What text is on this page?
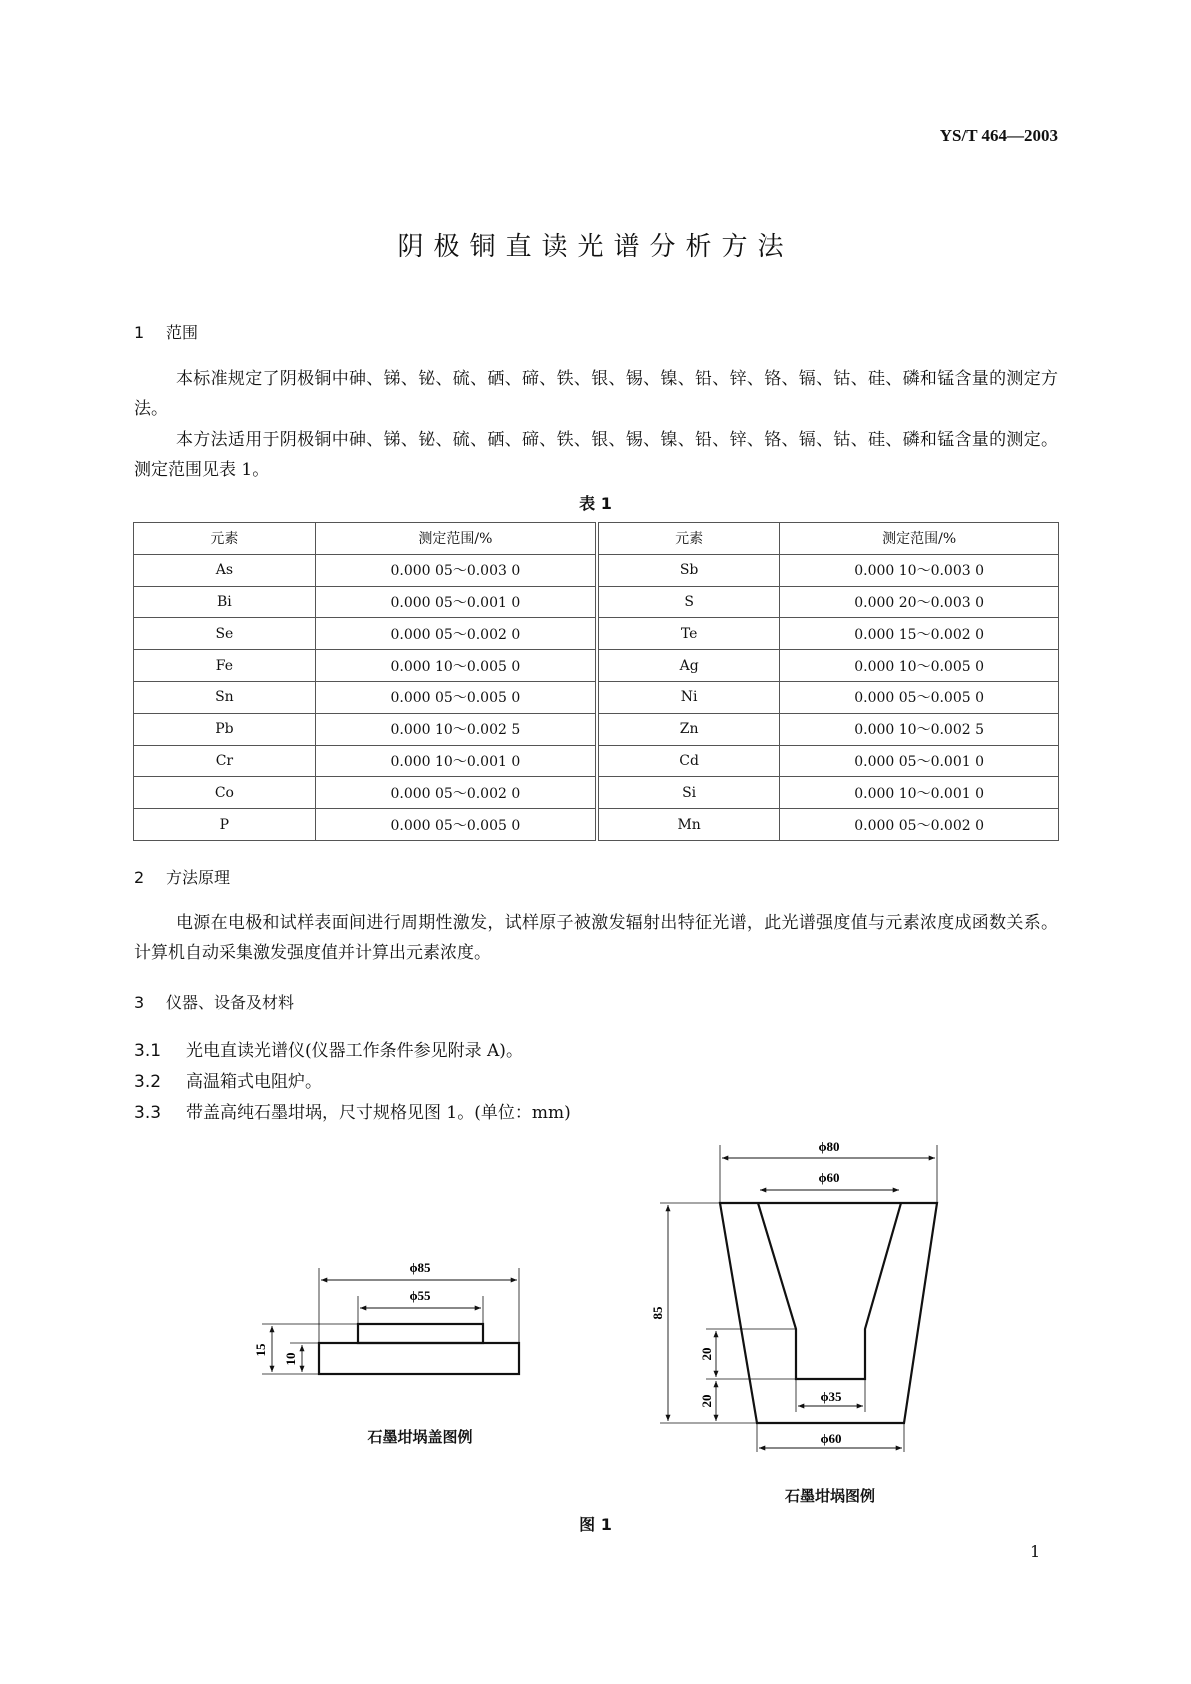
YS/T 464—2003
阴极铜直读光谱分析方法
1 范围
本标准规定了阴极铜中砷、锑、铋、硫、硒、碲、铁、银、锡、镍、铅、锌、铬、镉、钴、硅、磷和锰含量的测定方法。
本方法适用于阴极铜中砷、锑、铋、硫、硒、碲、铁、银、锡、镍、铅、锌、铬、镉、钴、硅、磷和锰含量的测定。测定范围见表 1。
表 1
元素	测定范围/%	元素	测定范围/%
As	0.000 05～0.003 0	Sb	0.000 10～0.003 0
Bi	0.000 05～0.001 0	S	0.000 20～0.003 0
Se	0.000 05～0.002 0	Te	0.000 15～0.002 0
Fe	0.000 10～0.005 0	Ag	0.000 10～0.005 0
Sn	0.000 05～0.005 0	Ni	0.000 05～0.005 0
Pb	0.000 10～0.002 5	Zn	0.000 10～0.002 5
Cr	0.000 10～0.001 0	Cd	0.000 05～0.001 0
Co	0.000 05～0.002 0	Si	0.000 10～0.001 0
P	0.000 05～0.005 0	Mn	0.000 05～0.002 0
2 方法原理
电源在电极和试样表面间进行周期性激发，试样原子被激发辐射出特征光谱，此光谱强度值与元素浓度成函数关系。计算机自动采集激发强度值并计算出元素浓度。
3 仪器、设备及材料
3.1 光电直读光谱仪(仪器工作条件参见附录 A)。
3.2 高温箱式电阻炉。
3.3 带盖高纯石墨坩埚，尺寸规格见图 1。(单位：mm)
ϕ85
ϕ55
15
10
ϕ80
ϕ60
85
20
20	ϕ35
ϕ60
石墨坩埚盖图例
石墨坩埚图例
图 1
1
